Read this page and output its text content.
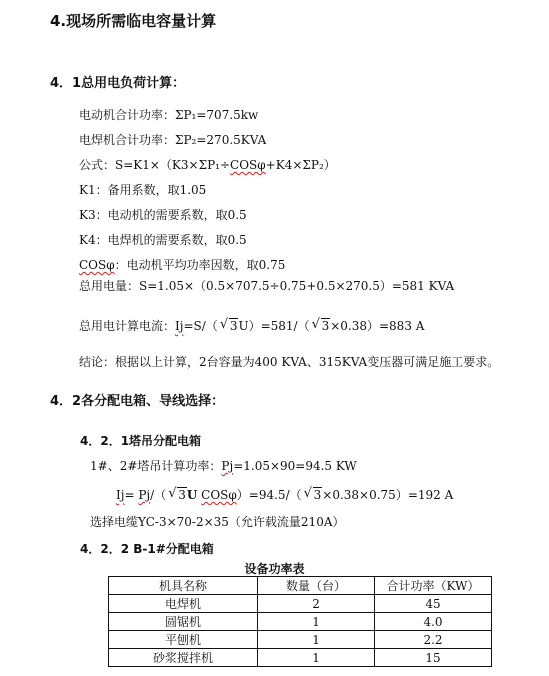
4.现场所需临电容量计算
4．1总用电负荷计算：
电动机合计功率：ΣP₁=707.5kw
电焊机合计功率：ΣP₂=270.5KVA
公式：S=K1×（K3×ΣP₁÷COSφ+K4×ΣP₂）
K1：备用系数，取1.05
K3：电动机的需要系数，取0.5
K4：电焊机的需要系数，取0.5
COSφ：电动机平均功率因数，取0.75
总用电量：S=1.05×（0.5×707.5÷0.75+0.5×270.5）=581 KVA
总用电计算电流：Ij=S/（ √ 3U）=581/（ √ 3×0.38）=883 A
结论：根据以上计算，2台容量为400 KVA、315KVA变压器可满足施工要求。
4．2各分配电箱、导线选择：
4．2．1塔吊分配电箱
1#、2#塔吊计算功率：Pj=1.05×90=94.5 KW
Ij= Pj/（ √ 3U COSφ）=94.5/（ √ 3×0.38×0.75）=192 A
选择电缆YC-3×70-2×35（允许载流量210A）
4．2．2 B-1#分配电箱
设备功率表
机具名称	数量（台）	合计功率（KW）
电焊机	2	45
圆锯机	1	4.0
平刨机	1	2.2
砂浆搅拌机	1	15
